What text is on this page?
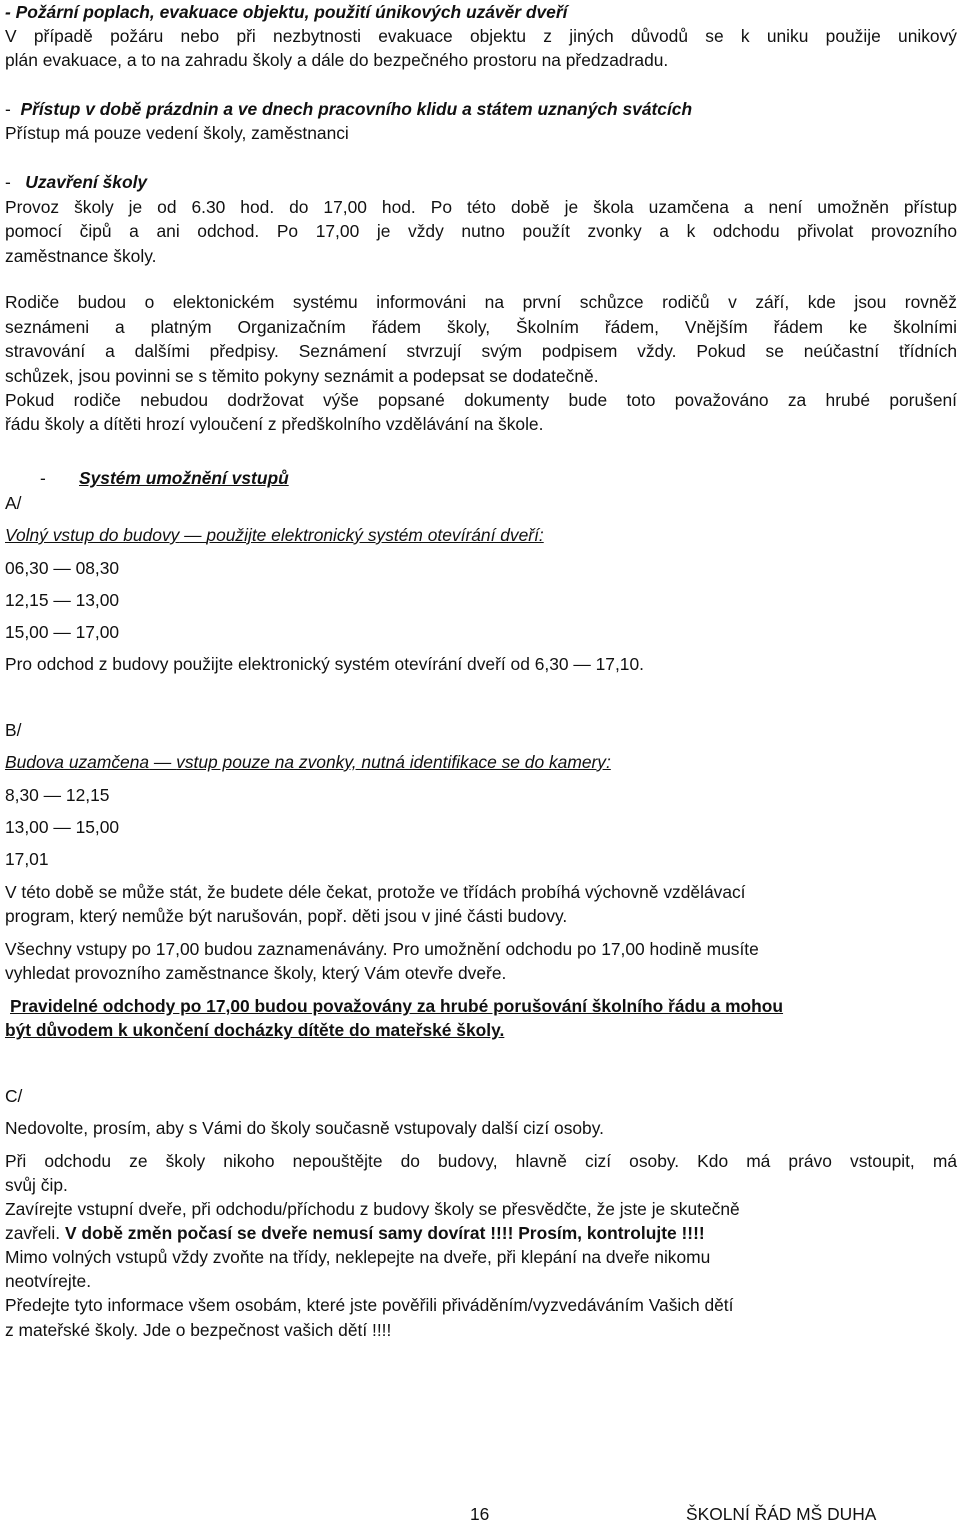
- Požární poplach, evakuace objektu, použití únikových uzávěr dveří
V případě požáru nebo při nezbytnosti evakuace objektu z jiných důvodů se k uniku použije unikový
plán evakuace, a to na zahradu školy a dále do bezpečného prostoru na předzadradu.
-  Přístup v době prázdnin a ve dnech pracovního klidu a státem uznaných svátcích
Přístup má pouze vedení školy, zaměstnanci
-   Uzavření školy
Provoz školy je od 6.30 hod. do 17,00 hod. Po této době je škola uzamčena a není umožněn přístup
pomocí čipů a ani odchod. Po 17,00 je vždy nutno použít zvonky a k odchodu přivolat provozního
zaměstnance školy.
Rodiče budou o elektonickém systému informováni na první schůzce rodičů v září, kde jsou rovněž
seznámeni a platným Organizačním řádem školy, Školním řádem, Vnějším řádem ke školními
stravování a dalšími předpisy. Seznámení stvrzují svým podpisem vždy. Pokud se neúčastní třídních
schůzek, jsou povinni se s těmito pokyny seznámit a podepsat se dodatečně.
Pokud rodiče nebudou dodržovat výše popsané dokumenty bude toto považováno za hrubé porušení
řádu školy a dítěti hrozí vyloučení z předškolního vzdělávání na škole.
- Systém umožnění vstupů
A/
Volný vstup do budovy — použijte elektronický systém otevírání dveří:
06,30 — 08,30
12,15 — 13,00
15,00 — 17,00
Pro odchod z budovy použijte elektronický systém otevírání dveří od 6,30 — 17,10.
B/
Budova uzamčena — vstup pouze na zvonky, nutná identifikace se do kamery:
8,30 — 12,15
13,00 — 15,00
17,01
V této době se může stát, že budete déle čekat, protože ve třídách probíhá výchovně vzdělávací
program, který nemůže být narušován, popř. děti jsou v jiné části budovy.
Všechny vstupy po 17,00 budou zaznamenávány. Pro umožnění odchodu po 17,00 hodině musíte
vyhledat provozního zaměstnance školy, který Vám otevře dveře.
Pravidelné odchody po 17,00 budou považovány za hrubé porušování školního řádu a mohou
být důvodem k ukončení docházky dítěte do mateřské školy.
C/
Nedovolte, prosím, aby s Vámi do školy současně vstupovaly další cizí osoby.
Při odchodu ze školy nikoho nepouštějte do budovy, hlavně cizí osoby. Kdo má právo vstoupit, má
svůj čip.
Zavírejte vstupní dveře, při odchodu/příchodu z budovy školy se přesvědčte, že jste je skutečně
zavřeli. V době změn počasí se dveře nemusí samy dovírat !!!! Prosím, kontrolujte !!!!
Mimo volných vstupů vždy zvoňte na třídy, neklepejte na dveře, při klepání na dveře nikomu
neotvírejte.
Předejte tyto informace všem osobám, které jste pověřili přiváděním/vyzvedáváním Vašich dětí
z mateřské školy. Jde o bezpečnost vašich dětí !!!!
16	ŠKOLNÍ ŘÁD MŠ DUHA
